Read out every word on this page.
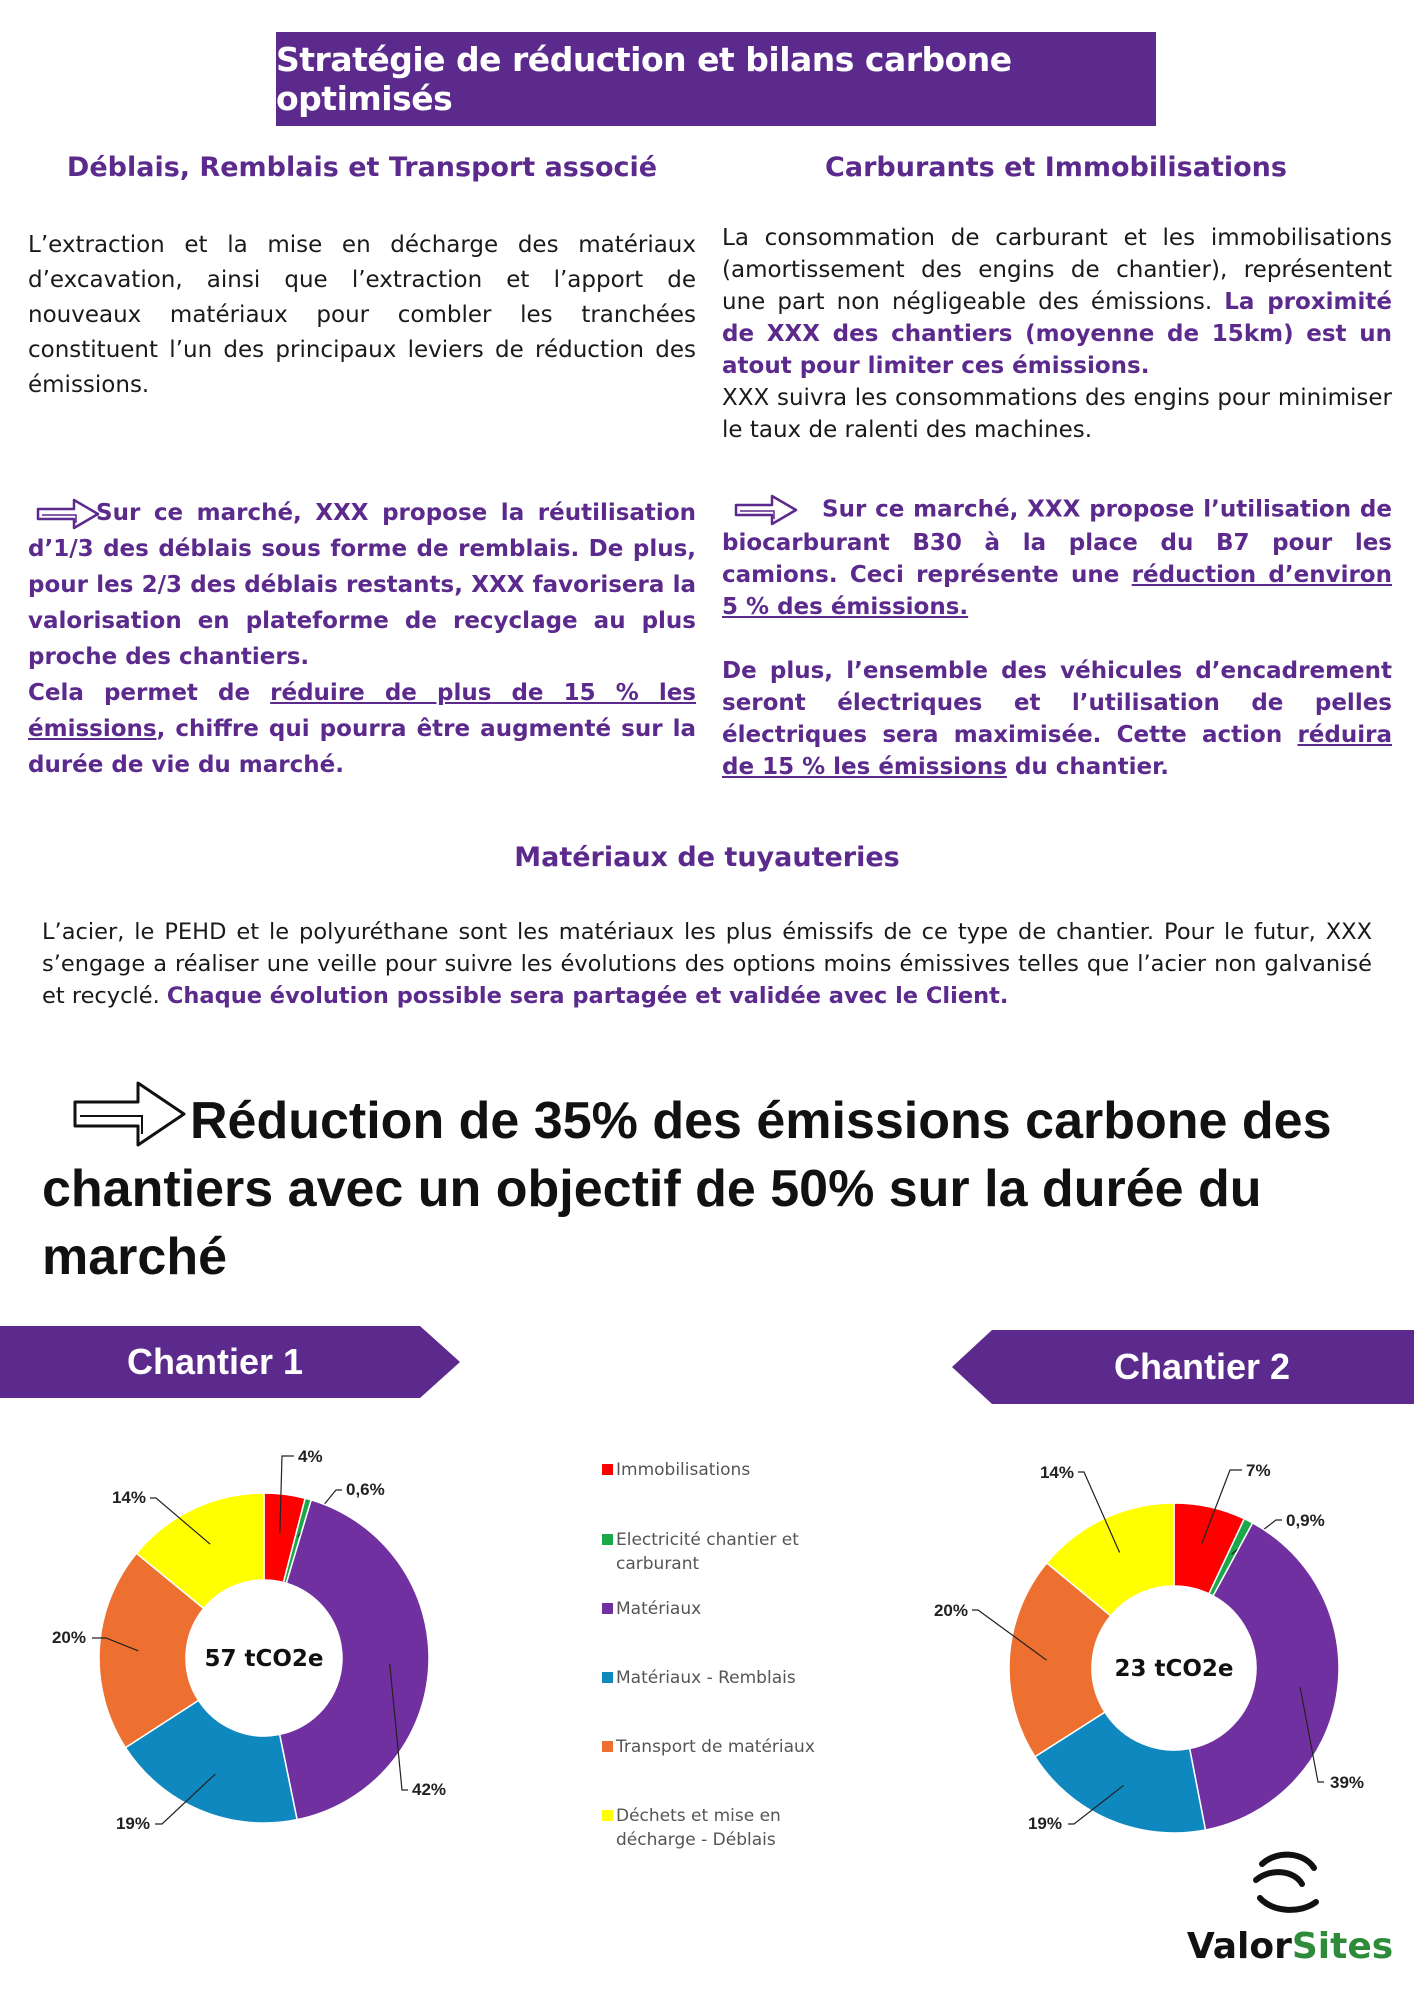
Stratégie de réduction et bilans carbone optimisés
Déblais, Remblais et Transport associé
L’extraction et la mise en décharge des matériaux d’excavation, ainsi que l’extraction et l’apport de nouveaux matériaux pour combler les tranchées constituent l’un des principaux leviers de réduction des émissions.
Sur ce marché, XXX propose la réutilisation d’1/3 des déblais sous forme de remblais. De plus, pour les 2/3 des déblais restants, XXX favorisera la valorisation en plateforme de recyclage au plus proche des chantiers.
Cela permet de réduire de plus de 15 % les émissions, chiffre qui pourra être augmenté sur la durée de vie du marché.
Carburants et Immobilisations
La consommation de carburant et les immobilisations (amortissement des engins de chantier), représentent une part non négligeable des émissions. La proximité de XXX des chantiers (moyenne de 15km) est un atout pour limiter ces émissions.
XXX suivra les consommations des engins pour minimiser le taux de ralenti des machines.
Sur ce marché, XXX propose l’utilisation de biocarburant B30 à la place du B7 pour les camions. Ceci représente une réduction d’environ 5 % des émissions.

De plus, l’ensemble des véhicules d’encadrement seront électriques et l’utilisation de pelles électriques sera maximisée. Cette action réduira de 15 % les émissions du chantier.
Matériaux de tuyauteries
L’acier, le PEHD et le polyuréthane sont les matériaux les plus émissifs de ce type de chantier. Pour le futur, XXX s’engage a réaliser une veille pour suivre les évolutions des options moins émissives telles que l’acier non galvanisé et recyclé. Chaque évolution possible sera partagée et validée avec le Client.
Réduction de 35% des émissions carbone des chantiers avec un objectif de 50% sur la durée du marché
Chantier 1	Chantier 2
4%
0,6%
42%
19%
20%
14%
57 tCO2e
7%
0,9%
39%
19%
20%
14%
23 tCO2e
Immobilisations
Electricité chantier et carburant
Matériaux
Matériaux - Remblais
Transport de matériaux
Déchets et mise en décharge - Déblais
ValorSites
